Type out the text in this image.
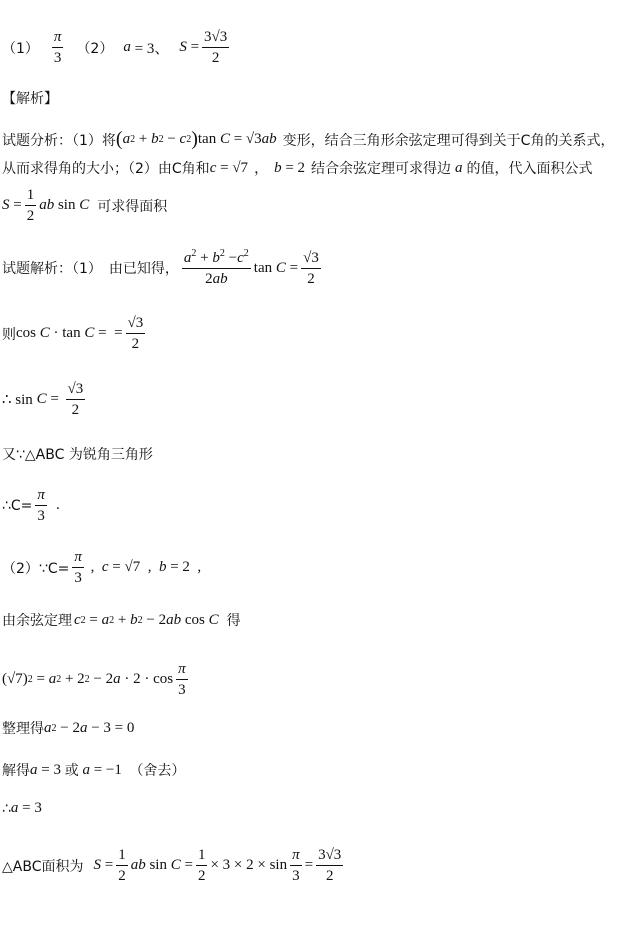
$(1) \frac{\pi}{3} (2) a = 3$、 $S = \frac{3√3}{2}$
【解析】
试题分析：（1）将 ( a 2 + b 2 − c 2 ) tan C = √3 ab 变形，结合三角形余弦定理可得到关于C角的关系式，
从而求得角的大小；（2）由C角和 c = √7 ， b = 2 结合余弦定理可求得边 a 的值，代入面积公式
$S = \frac{1}{2}$ ab sin C 可求得面积
试题解析：（1）　由已知得， $\frac{a^2 + b^2 -c^2}{2ab}$ $\tan C = \frac{√3}{2}$
则 cos C · tan C =  = $\frac{√3}{2}$
∴ $\sin C = \frac{√3}{2}$
又∵△ABC 为锐角三角形
∴C= $\frac{\pi}{3}$ .
（2）∵C= $\frac{\pi}{3}$ , c = √7  , b = 2  ,
由余弦定理 c 2 = a 2 + b 2 − 2 ab cos C 得
(√7) 2 = a 2 + 2 2 − 2 $a \cdot 2 \cdot \cos \frac{\pi}{3}$
整理得 a 2 − 2 a − 3 = 0
解得 a = 3 或 a = −1 （舍去）
∴ a = 3
△ABC面积为 $S = \frac{1}{2}$ ab $\sin C = \frac{1}{2} \times 3 \times 2 \times \sin \frac{\pi}{3} = \frac{3√3}{2}$
